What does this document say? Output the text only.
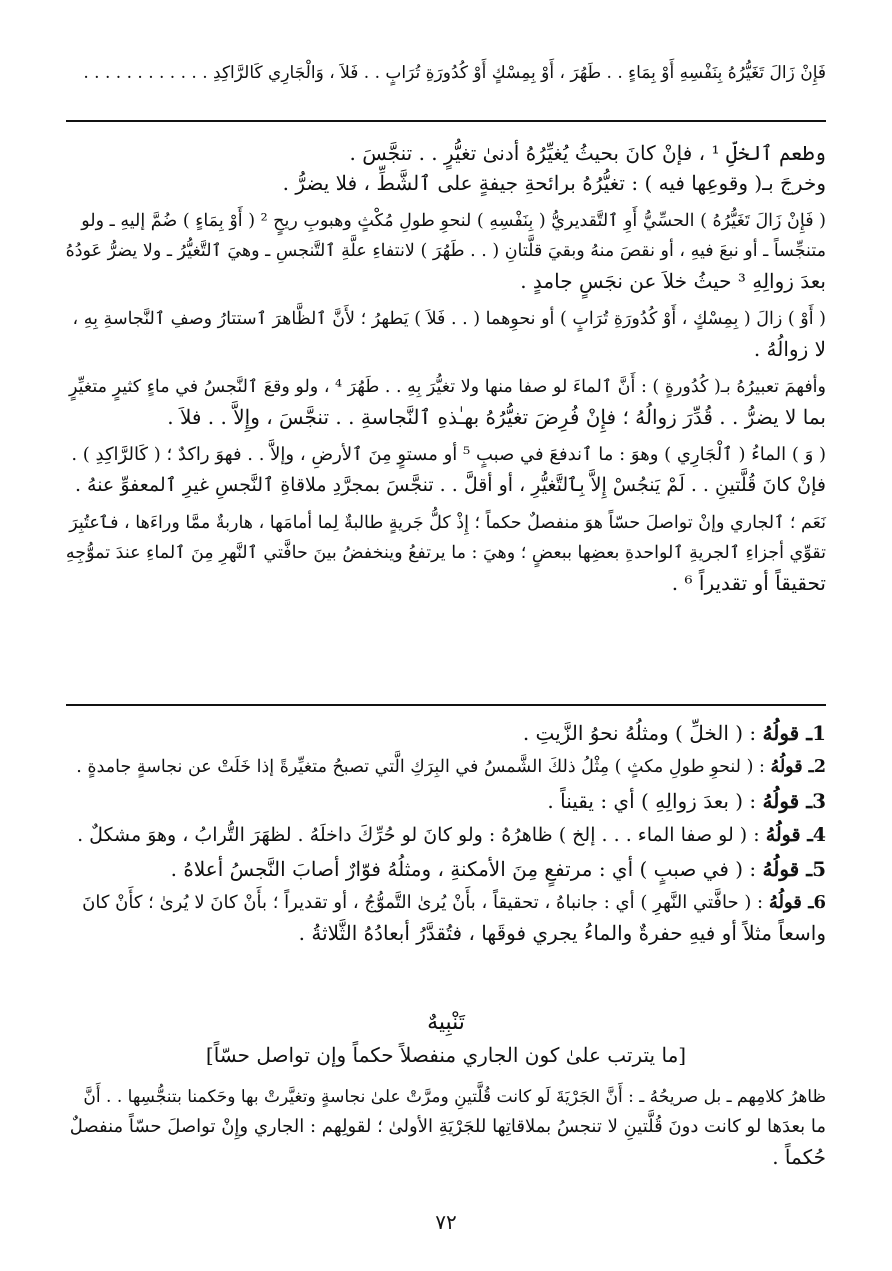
فَإِنْ زَالَ تَغَيُّرُهُ بِنَفْسِهِ أَوْ بِمَاءٍ . . طَهُرَ ، أَوْ بِمِسْكٍ أَوْ كُدُورَةِ تُرَابٍ . . فَلاَ ، وَالْجَارِي كَالرَّاكِدِ . . . . . . . . . . . .

وطعم ٱلخلِّ ¹ ، فإنْ كانَ بحيثُ يُغيِّرُهُ أدنىٰ تغيُّرٍ . . تنجَّسَ .

وخرجَ بـ( وقوعِها فيه ) : تغيُّرُهُ برائحةِ جيفةٍ على ٱلشَّطِّ ، فلا يضرُّ .

( فَإِنْ زَالَ تَغَيُّرُهُ ) الحسِّيُّ أَوِ ٱلتَّقديريُّ ( بِنَفْسِهِ ) لنحوِ طولِ مُكْثٍ وهبوبِ ريحٍ ² ( أَوْ بِمَاءٍ ) ضُمَّ إليهِ ـ ولو

متنجِّساً ـ أو نبعَ فيهِ ، أو نقصَ منهُ وبقيَ قلَّتانِ ( . . طَهُرَ ) لانتفاءِ علَّةِ ٱلتَّنجسِ ـ وهيَ ٱلتَّغيُّرُ ـ ولا يضرُّ عَودُهُ

بعدَ زوالِهِ ³ حيثُ خلاَ عن نجَسٍ جامدٍ .

( أَوْ ) زالَ ( بِمِسْكٍ ، أَوْ كُدُورَةِ تُرَابٍ ) أو نحوِهما ( . . فَلاَ ) يَطهرُ ؛ لأَنَّ ٱلظَّاهرَ ٱستتارُ وصفِ ٱلنَّجاسةِ بِهِ ،

لا زوالُهُ .

وأفهمَ تعبيرُهُ بـ( كُدُورةٍ ) : أَنَّ ٱلماءَ لو صفا منها ولا تغيُّرَ بِهِ . . طَهُرَ ⁴ ، ولو وقعَ ٱلنَّجسُ في ماءٍ كثيرٍ متغيِّرٍ

بما لا يضرُّ . . قُدِّرَ زوالُهُ ؛ فإِنْ فُرِضَ تغيُّرُهُ بهـٰذهِ ٱلنَّجاسةِ . . تنجَّسَ ، وإِلاَّ . . فلاَ .

( وَ ) الماءُ ( ٱلْجَارِي ) وهوَ : ما ٱندفعَ في صببٍ ⁵ أو مستوٍ مِنَ ٱلأرضِ ، وإلاَّ . . فهوَ راكدٌ ؛ ( كَالرَّاكِدِ ) .

فإنْ كانَ قُلَّتينِ . . لَمْ يَنجُسْ إِلاَّ بِٱلتَّغيُّرِ ، أو أقلَّ . . تنجَّسَ بمجرَّدِ ملاقاةِ ٱلنَّجسِ غيرِ ٱلمعفوِّ عنهُ .

نَعَم ؛ ٱلجاري وإنْ تواصلَ حسّاً هوَ منفصلٌ حكماً ؛ إِذْ كلُّ جَريةٍ طالبةٌ لِما أمامَها ، هاربةٌ ممَّا وراءَها ، فٱعتُبِرَ

تقوِّي أجزاءِ ٱلجريةِ ٱلواحدةِ بعضِها ببعضٍ ؛ وهيَ : ما يرتفعُ وينخفضُ بينَ حافَّتي ٱلنَّهرِ مِنَ ٱلماءِ عندَ تموُّجِهِ

تحقيقاً أو تقديراً ⁶ .

1ـ قولُهُ : ( الخلِّ ) ومثلُهُ نحوُ الزَّيتِ .

2ـ قولُهُ : ( لنحوِ طولِ مكثٍ ) مِثْلُ ذلكَ الشَّمسُ في البِرَكِ الَّتي تصبحُ متغيِّرةً إذا خَلَتْ عن نجاسةٍ جامدةٍ .

3ـ قولُهُ : ( بعدَ زوالِهِ ) أي : يقيناً .

4ـ قولُهُ : ( لو صفا الماء . . . إلخ ) ظاهرُهُ : ولو كانَ لو حُرِّكَ داخلَهُ . لظهَرَ التُّرابُ ، وهوَ مشكلٌ .

5ـ قولُهُ : ( في صببٍ ) أي : مرتفعٍ مِنَ الأمكنةِ ، ومثلُهُ فوّارٌ أصابَ النَّجسُ أعلاهُ .

6ـ قولُهُ : ( حافَّتي النَّهرِ ) أي : جانباهُ ، تحقيقاً ، بأَنْ يُرىٰ التَّموُّجُ ، أو تقديراً ؛ بأَنْ كانَ لا يُرىٰ ؛ كأَنْ كانَ

واسعاً مثلاً أو فيهِ حفرةٌ والماءُ يجري فوقَها ، فتُقدَّرُ أبعادُهُ الثَّلاثةُ .

تَنْبِيهٌ
[ما يترتب علىٰ كون الجاري منفصلاً حكماً وإن تواصل حسّاً]

ظاهرُ كلامِهم ـ بل صريحُهُ ـ : أَنَّ الجَرْيَةَ لَو كانت قُلَّتينِ ومرَّتْ علىٰ نجاسةٍ وتغيَّرتْ بها وحَكمنا بتنجُّسِها . . أَنَّ

ما بعدَها لو كانت دونَ قُلَّتينِ لا تنجسُ بملاقاتِها للجَرْيَةِ الأولىٰ ؛ لقولِهم : الجاري وإِنْ تواصلَ حسّاً منفصلٌ

حُكماً .

٧٢
